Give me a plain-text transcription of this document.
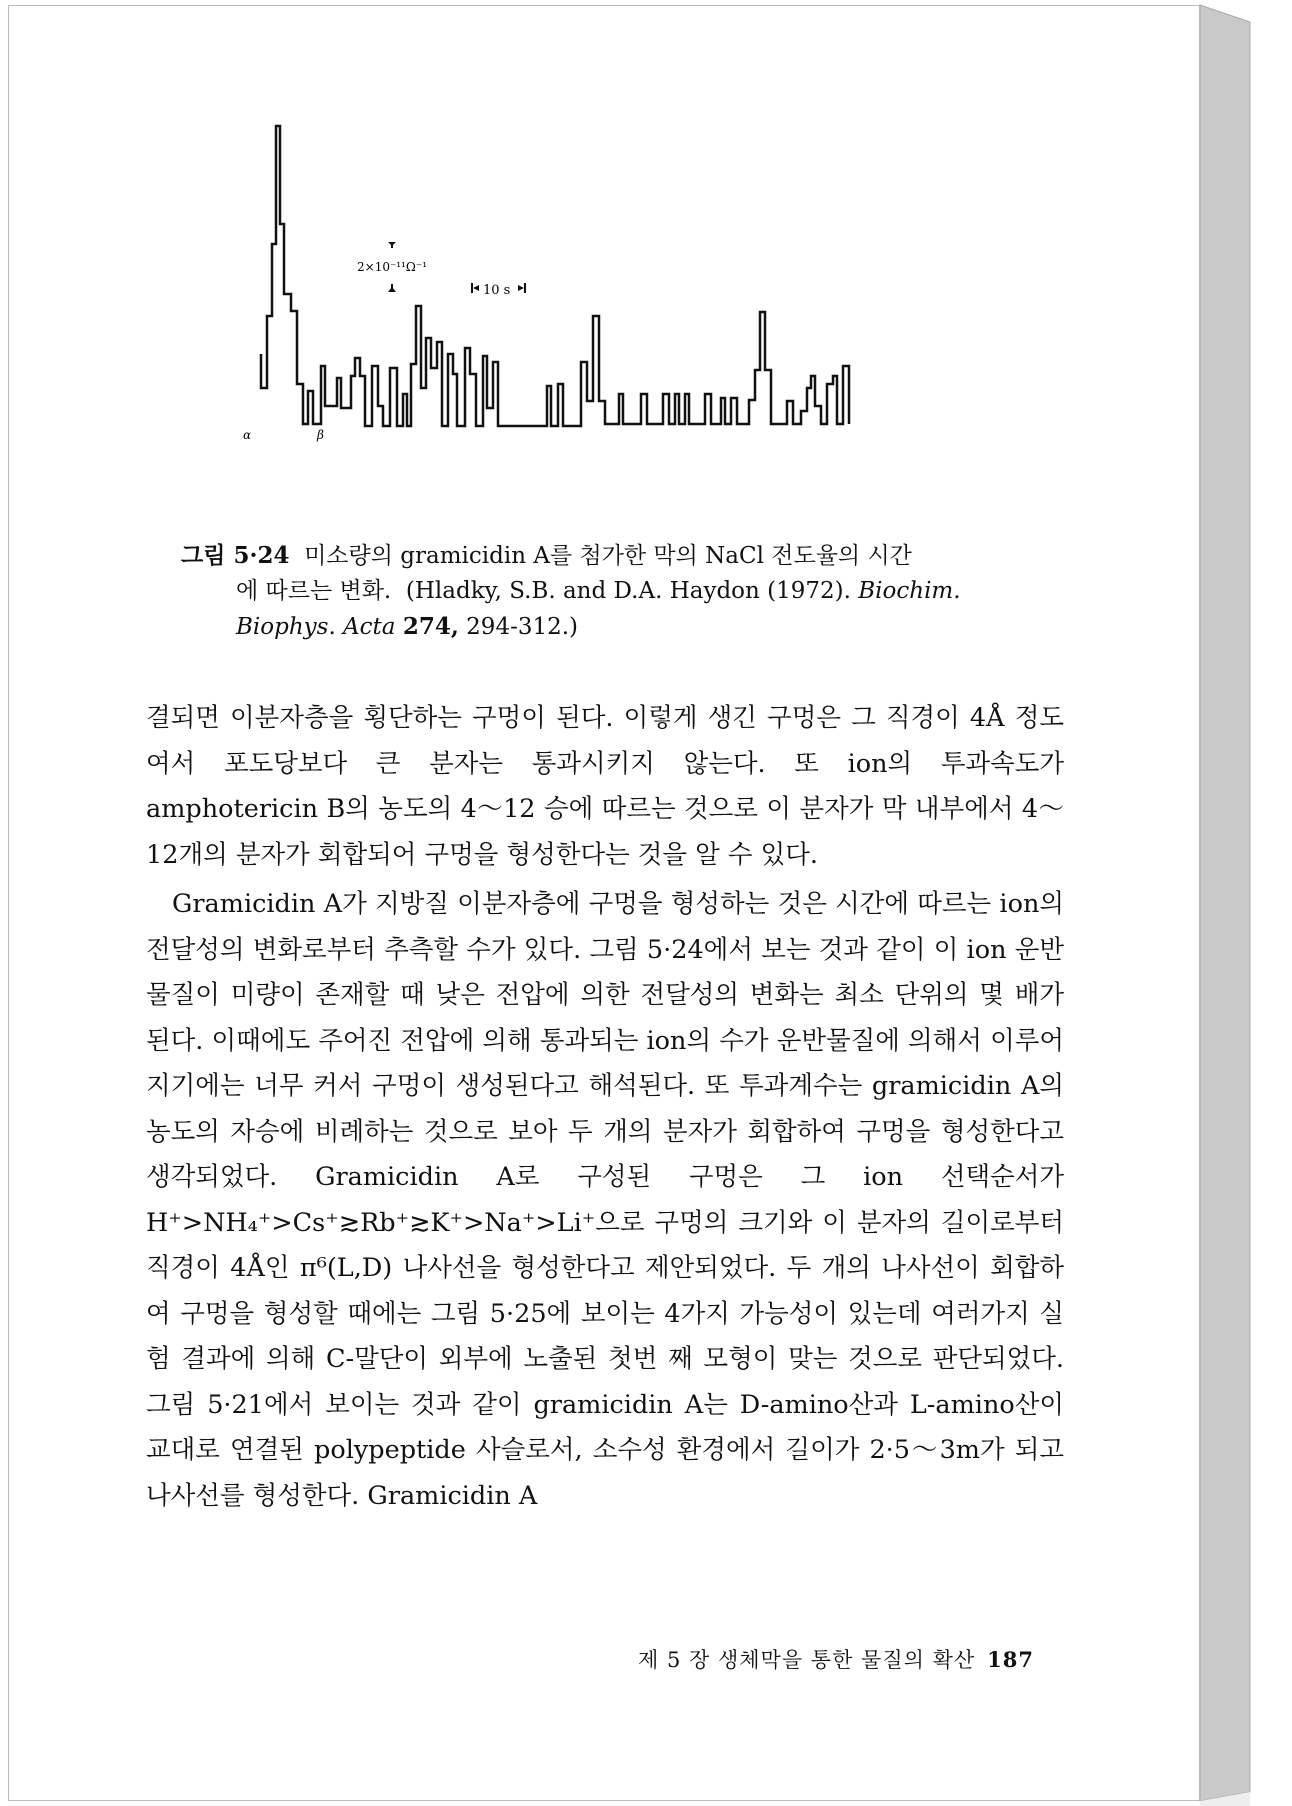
2×10⁻¹¹Ω⁻¹
10 s
α	β
그림 5·24 미소량의 gramicidin A를 첨가한 막의 NaCl 전도율의 시간
에 따르는 변화. (Hladky, S.B. and D.A. Haydon (1972). Biochim.
Biophys. Acta 274, 294-312.)

결되면 이분자층을 횡단하는 구멍이 된다. 이렇게 생긴 구멍은 그 직경이 4Å 정도여서 포도당보다 큰 분자는 통과시키지 않는다. 또 ion의 투과속도가 amphotericin B의 농도의 4～12 승에 따르는 것으로 이 분자가 막 내부에서 4～12개의 분자가 회합되어 구멍을 형성한다는 것을 알 수 있다.

Gramicidin A가 지방질 이분자층에 구멍을 형성하는 것은 시간에 따르는 ion의 전달성의 변화로부터 추측할 수가 있다. 그림 5·24에서 보는 것과 같이 이 ion 운반물질이 미량이 존재할 때 낮은 전압에 의한 전달성의 변화는 최소 단위의 몇 배가 된다. 이때에도 주어진 전압에 의해 통과되는 ion의 수가 운반물질에 의해서 이루어지기에는 너무 커서 구멍이 생성된다고 해석된다. 또 투과계수는 gramicidin A의 농도의 자승에 비례하는 것으로 보아 두 개의 분자가 회합하여 구멍을 형성한다고 생각되었다. Gramicidin A로 구성된 구멍은 그 ion 선택순서가 H⁺>NH₄⁺>Cs⁺≳Rb⁺≳K⁺>Na⁺>Li⁺으로 구멍의 크기와 이 분자의 길이로부터 직경이 4Å인 π⁶(L,D) 나사선을 형성한다고 제안되었다. 두 개의 나사선이 회합하여 구멍을 형성할 때에는 그림 5·25에 보이는 4가지 가능성이 있는데 여러가지 실험 결과에 의해 C-말단이 외부에 노출된 첫번 째 모형이 맞는 것으로 판단되었다. 그림 5·21에서 보이는 것과 같이 gramicidin A는 D-amino산과 L-amino산이 교대로 연결된 polypeptide 사슬로서, 소수성 환경에서 길이가 2·5～3m가 되고 나사선를 형성한다. Gramicidin A

제 5 장 생체막을 통한 물질의 확산 187
